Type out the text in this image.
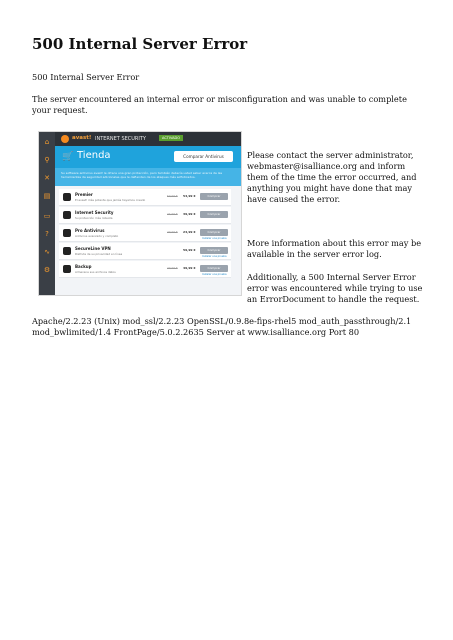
500 Internal Server Error

500 Internal Server Error

The server encountered an internal error or misconfiguration and was unable to complete your request.

⌂
⚲
✕
▤
▭
?
∿
⚙
avast! INTERNET SECURITY	ACTIVADO
🛒 Tienda	Comparar Antivirus
Su software antivirus avast! le ofrece una gran protección, pero también debería usted saber acerca de las herramientas de seguridad adicionales que le defienden de los ataques más sofisticados.
Premier
El avast! más potente que jamás hayamos creado
59,99 € 54,99 €	Comprar
Internet Security
Su protección más robusta
44,99 € 39,99 €	Comprar
Pro Antivirus
Antivirus avanzado y completo
29,99 € 24,99 €	Comprar
Instalar una prueba
SecureLine VPN
Disfrute de su privacidad en línea
59,99 €	Comprar
Instalar una prueba
Backup
Almacene sus archivos datos
49,99 € 49,99 €	Comprar
Instalar una prueba

Please contact the server administrator, webmaster@isalliance.org and inform them of the time the error occurred, and anything you might have done that may have caused the error.

More information about this error may be available in the server error log.

Additionally, a 500 Internal Server Error error was encountered while trying to use an ErrorDocument to handle the request.

Apache/2.2.23 (Unix) mod_ssl/2.2.23 OpenSSL/0.9.8e-fips-rhel5 mod_auth_passthrough/2.1 mod_bwlimited/1.4 FrontPage/5.0.2.2635 Server at www.isalliance.org Port 80
